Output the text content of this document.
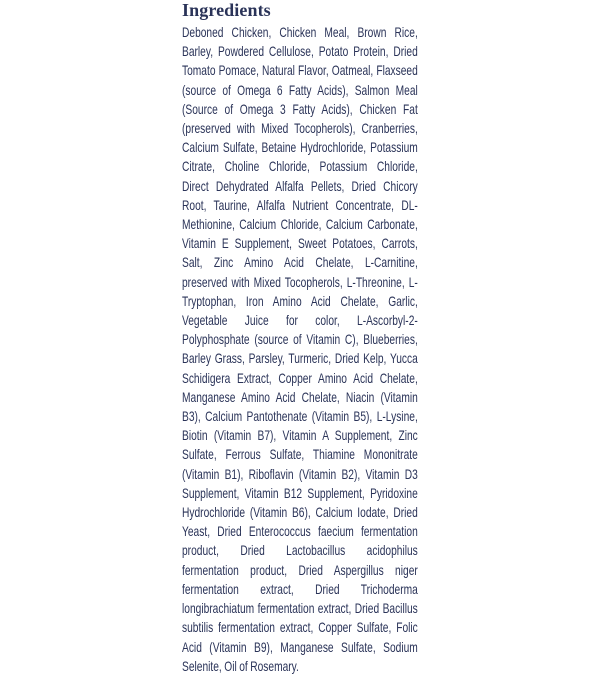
Ingredients

Deboned Chicken, Chicken Meal, Brown Rice, Barley, Powdered Cellulose, Potato Protein, Dried Tomato Pomace, Natural Flavor, Oatmeal, Flaxseed (source of Omega 6 Fatty Acids), Salmon Meal (Source of Omega 3 Fatty Acids), Chicken Fat (preserved with Mixed Tocopherols), Cranberries, Calcium Sulfate, Betaine Hydrochloride, Potassium Citrate, Choline Chloride, Potassium Chloride, Direct Dehydrated Alfalfa Pellets, Dried Chicory Root, Taurine, Alfalfa Nutrient Concentrate, DL-Methionine, Calcium Chloride, Calcium Carbonate, Vitamin E Supplement, Sweet Potatoes, Carrots, Salt, Zinc Amino Acid Chelate, L-Carnitine, preserved with Mixed Tocopherols, L-Threonine, L-Tryptophan, Iron Amino Acid Chelate, Garlic, Vegetable Juice for color, L-Ascorbyl-2-Polyphosphate (source of Vitamin C), Blueberries, Barley Grass, Parsley, Turmeric, Dried Kelp, Yucca Schidigera Extract, Copper Amino Acid Chelate, Manganese Amino Acid Chelate, Niacin (Vitamin B3), Calcium Pantothenate (Vitamin B5), L-Lysine, Biotin (Vitamin B7), Vitamin A Supplement, Zinc Sulfate, Ferrous Sulfate, Thiamine Mononitrate (Vitamin B1), Riboflavin (Vitamin B2), Vitamin D3 Supplement, Vitamin B12 Supplement, Pyridoxine Hydrochloride (Vitamin B6), Calcium Iodate, Dried Yeast, Dried Enterococcus faecium fermentation product, Dried Lactobacillus acidophilus fermentation product, Dried Aspergillus niger fermentation extract, Dried Trichoderma longibrachiatum fermentation extract, Dried Bacillus subtilis fermentation extract, Copper Sulfate, Folic Acid (Vitamin B9), Manganese Sulfate, Sodium Selenite, Oil of Rosemary.
